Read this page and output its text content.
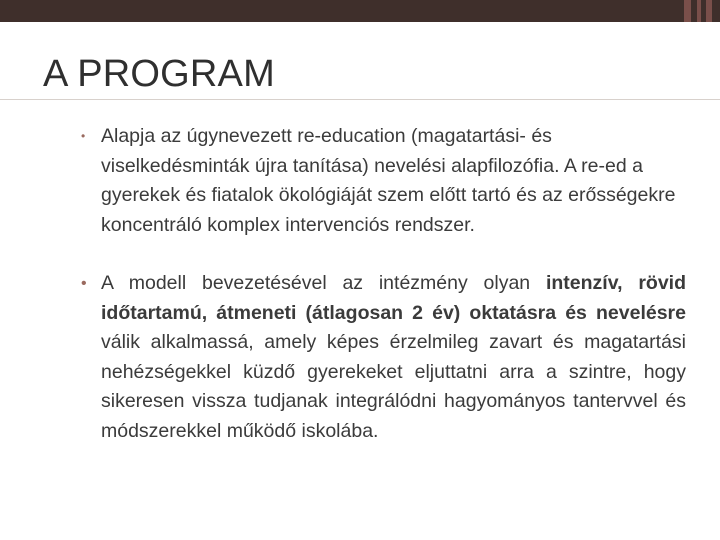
A PROGRAM
• Alapja az úgynevezett re-education (magatartási- és viselkedésminták újra tanítása) nevelési alapfilozófia. A re-ed a gyerekek és fiatalok ökológiáját szem előtt tartó és az erősségekre koncentráló komplex intervenciós rendszer.
• A modell bevezetésével az intézmény olyan intenzív, rövid időtartamú, átmeneti (átlagosan 2 év) oktatásra és nevelésre válik alkalmassá, amely képes érzelmileg zavart és magatartási nehézségekkel küzdő gyerekeket eljuttatni arra a szintre, hogy sikeresen vissza tudjanak integrálódni hagyományos tantervvel és módszerekkel működő iskolába.
